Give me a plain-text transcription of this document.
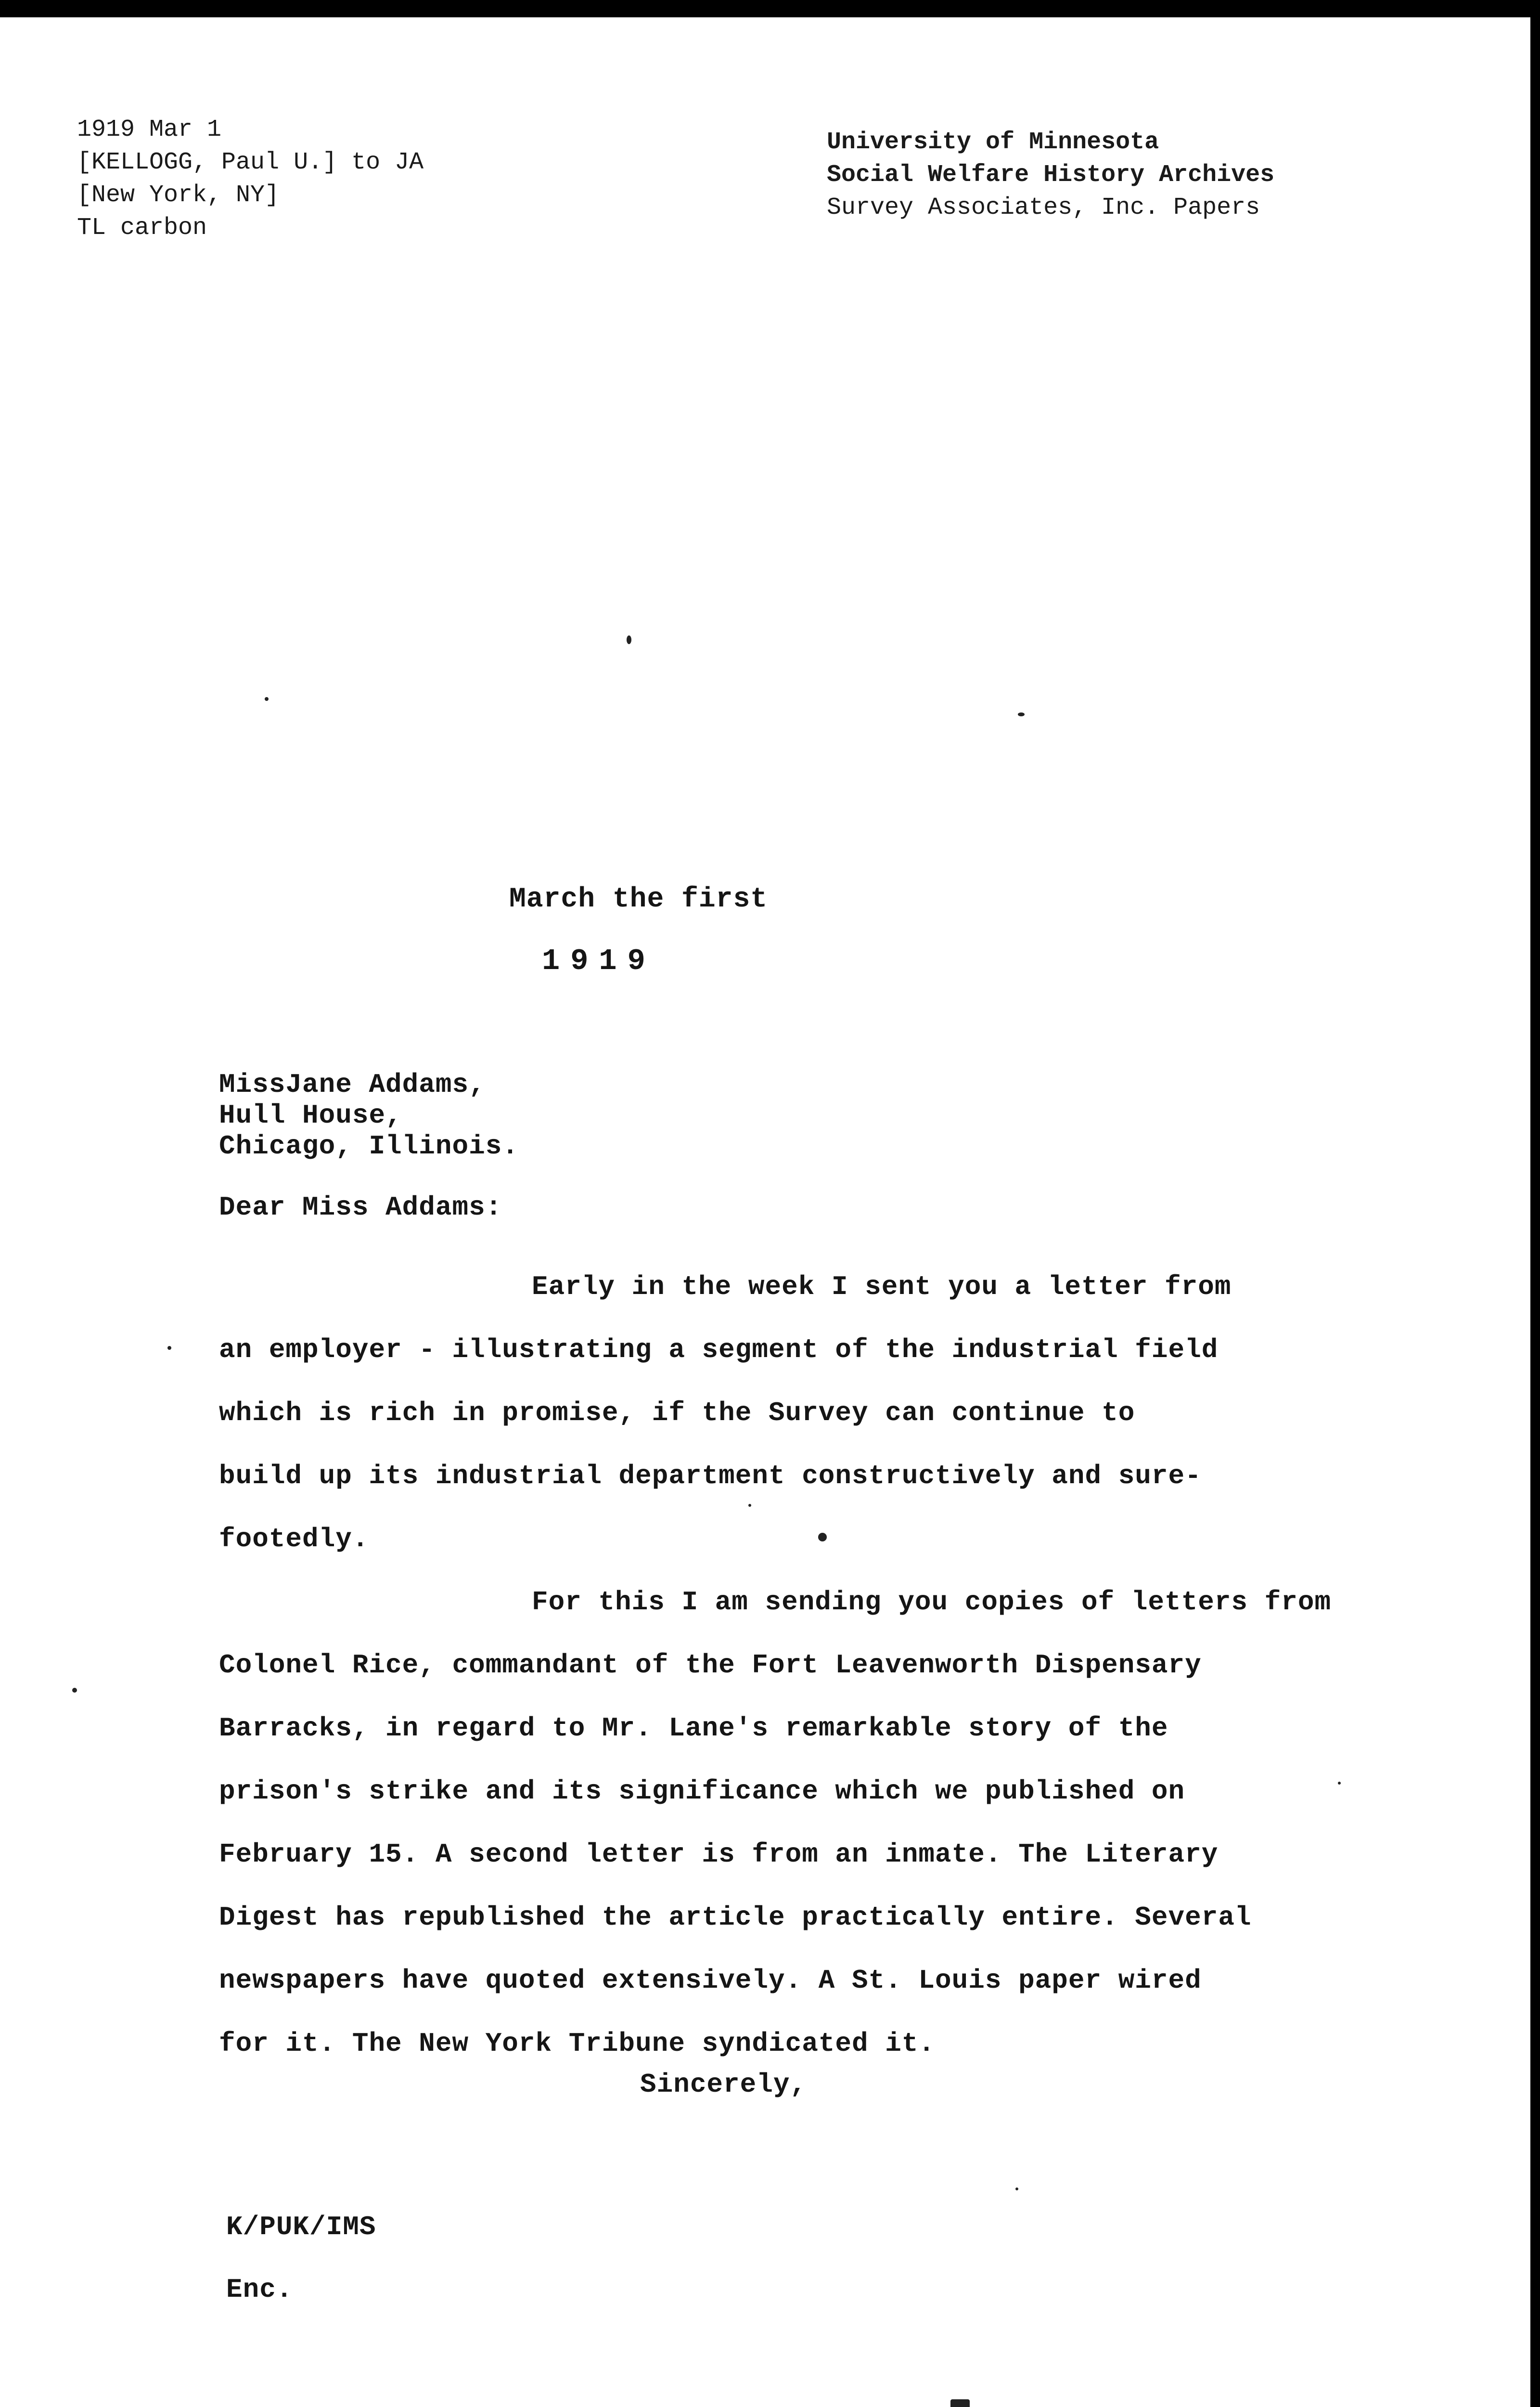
1919 Mar 1
[KELLOGG, Paul U.] to JA
[New York, NY]
TL carbon
University of Minnesota
Social Welfare History Archives
Survey Associates, Inc. Papers
March the first
1919
MissJane Addams,
Hull House,
Chicago, Illinois.
Dear Miss Addams:
Early in the week I sent you a letter from
an employer - illustrating a segment of the industrial field
which is rich in promise, if the Survey can continue to
build up its industrial department constructively and sure-
footedly.
For this I am sending you copies of letters from
Colonel Rice, commandant of the Fort Leavenworth Dispensary
Barracks, in regard to Mr. Lane's remarkable story of the
prison's strike and its significance which we published on
February 15. A second letter is from an inmate. The Literary
Digest has republished the article practically entire. Several
newspapers have quoted extensively. A St. Louis paper wired
for it. The New York Tribune syndicated it.
Sincerely,
K/PUK/IMS
Enc.
